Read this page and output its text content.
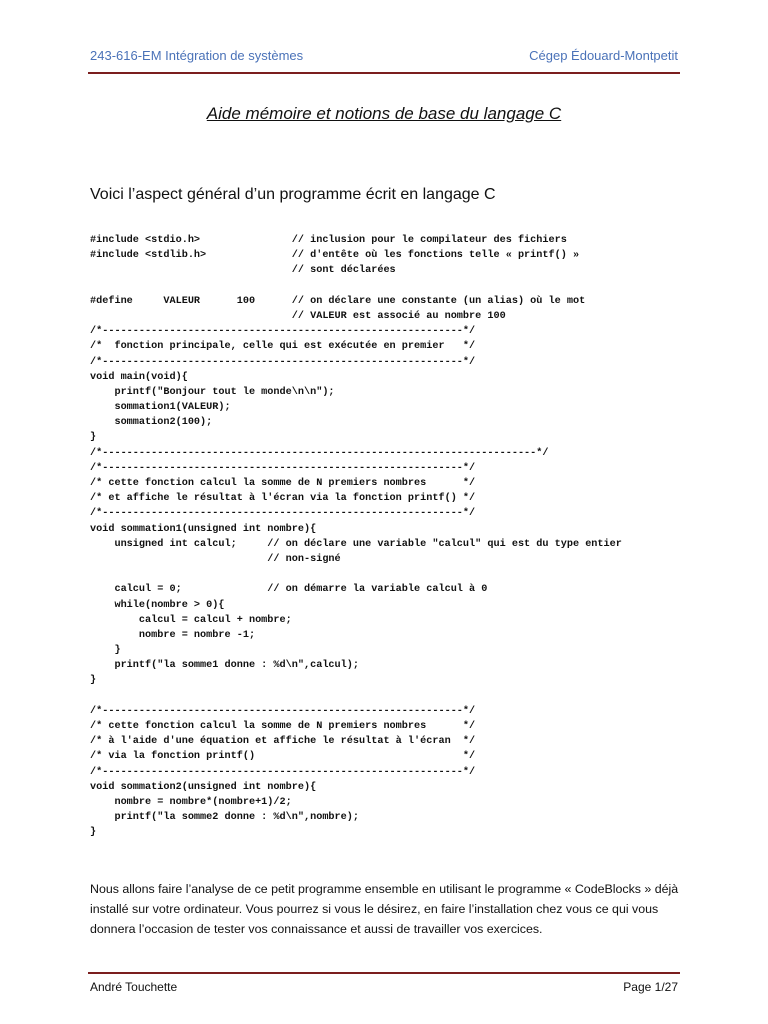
243-616-EM Intégration de systèmes	Cégep Édouard-Montpetit
Aide mémoire et notions de base du langage C
Voici l’aspect général d’un programme écrit en langage C
#include <stdio.h>               // inclusion pour le compilateur des fichiers
#include <stdlib.h>              // d'entête où les fonctions telle « printf() »
// sont déclarées
#define     VALEUR      100      // on déclare une constante (un alias) où le mot
// VALEUR est associé au nombre 100
/*-----------------------------------------------------------*/
/*  fonction principale, celle qui est exécutée en premier   */
/*-----------------------------------------------------------*/
void main(void){
printf("Bonjour tout le monde\n\n");
sommation1(VALEUR);
sommation2(100);
}
/*-----------------------------------------------------------------------*/
/*-----------------------------------------------------------*/
/* cette fonction calcul la somme de N premiers nombres      */
/* et affiche le résultat à l'écran via la fonction printf() */
/*-----------------------------------------------------------*/
void sommation1(unsigned int nombre){
unsigned int calcul;     // on déclare une variable "calcul" qui est du type entier
// non-signé
calcul = 0;              // on démarre la variable calcul à 0
while(nombre > 0){
calcul = calcul + nombre;
nombre = nombre -1;
}
printf("la somme1 donne : %d\n",calcul);
}
/*-----------------------------------------------------------*/
/* cette fonction calcul la somme de N premiers nombres      */
/* à l'aide d'une équation et affiche le résultat à l'écran  */
/* via la fonction printf()                                  */
/*-----------------------------------------------------------*/
void sommation2(unsigned int nombre){
nombre = nombre*(nombre+1)/2;
printf("la somme2 donne : %d\n",nombre);
}
Nous allons faire l’analyse de ce petit programme ensemble en utilisant le programme « CodeBlocks » déjà installé sur votre ordinateur. Vous pourrez si vous le désirez, en faire l’installation chez vous ce qui vous donnera l’occasion de tester vos connaissance et aussi de travailler vos exercices.
André Touchette	Page 1/27
